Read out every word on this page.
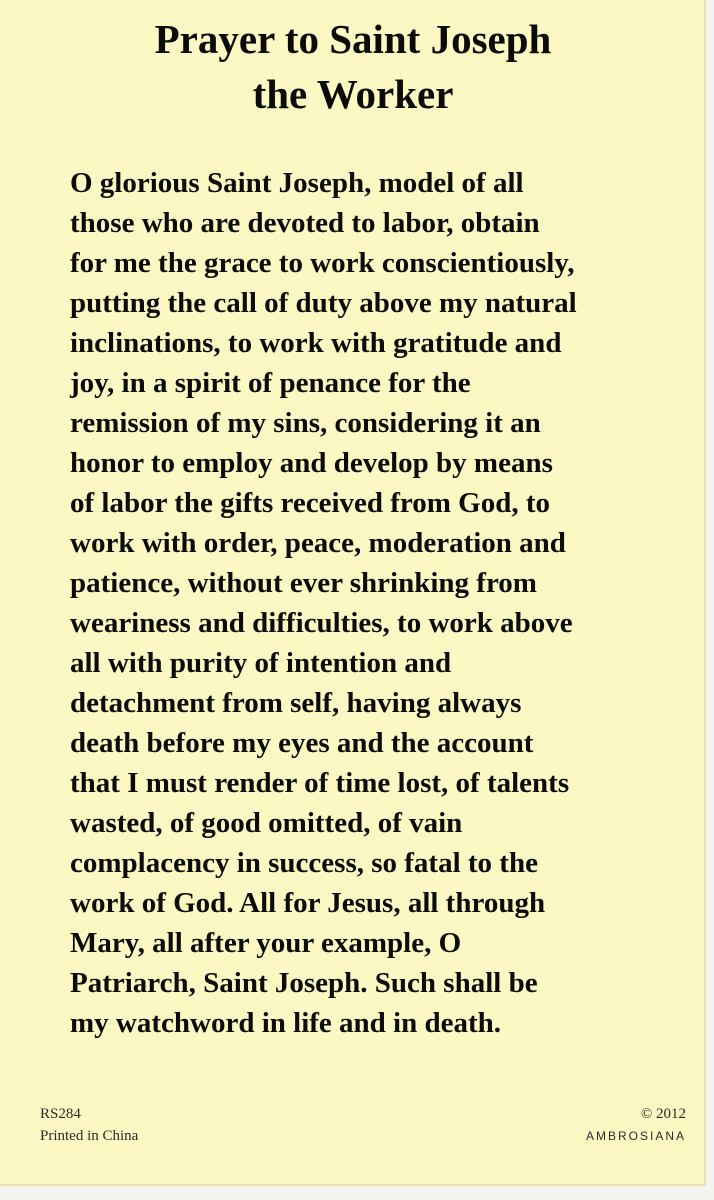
Prayer to Saint Joseph
the Worker
O glorious Saint Joseph, model of all
those who are devoted to labor, obtain
for me the grace to work conscientiously,
putting the call of duty above my natural
inclinations, to work with gratitude and
joy, in a spirit of penance for the
remission of my sins, considering it an
honor to employ and develop by means
of labor the gifts received from God, to
work with order, peace, moderation and
patience, without ever shrinking from
weariness and difficulties, to work above
all with purity of intention and
detachment from self, having always
death before my eyes and the account
that I must render of time lost, of talents
wasted, of good omitted, of vain
complacency in success, so fatal to the
work of God. All for Jesus, all through
Mary, all after your example, O
Patriarch, Saint Joseph. Such shall be
my watchword in life and in death.
RS284
Printed in China
© 2012
AMBROSIANA
